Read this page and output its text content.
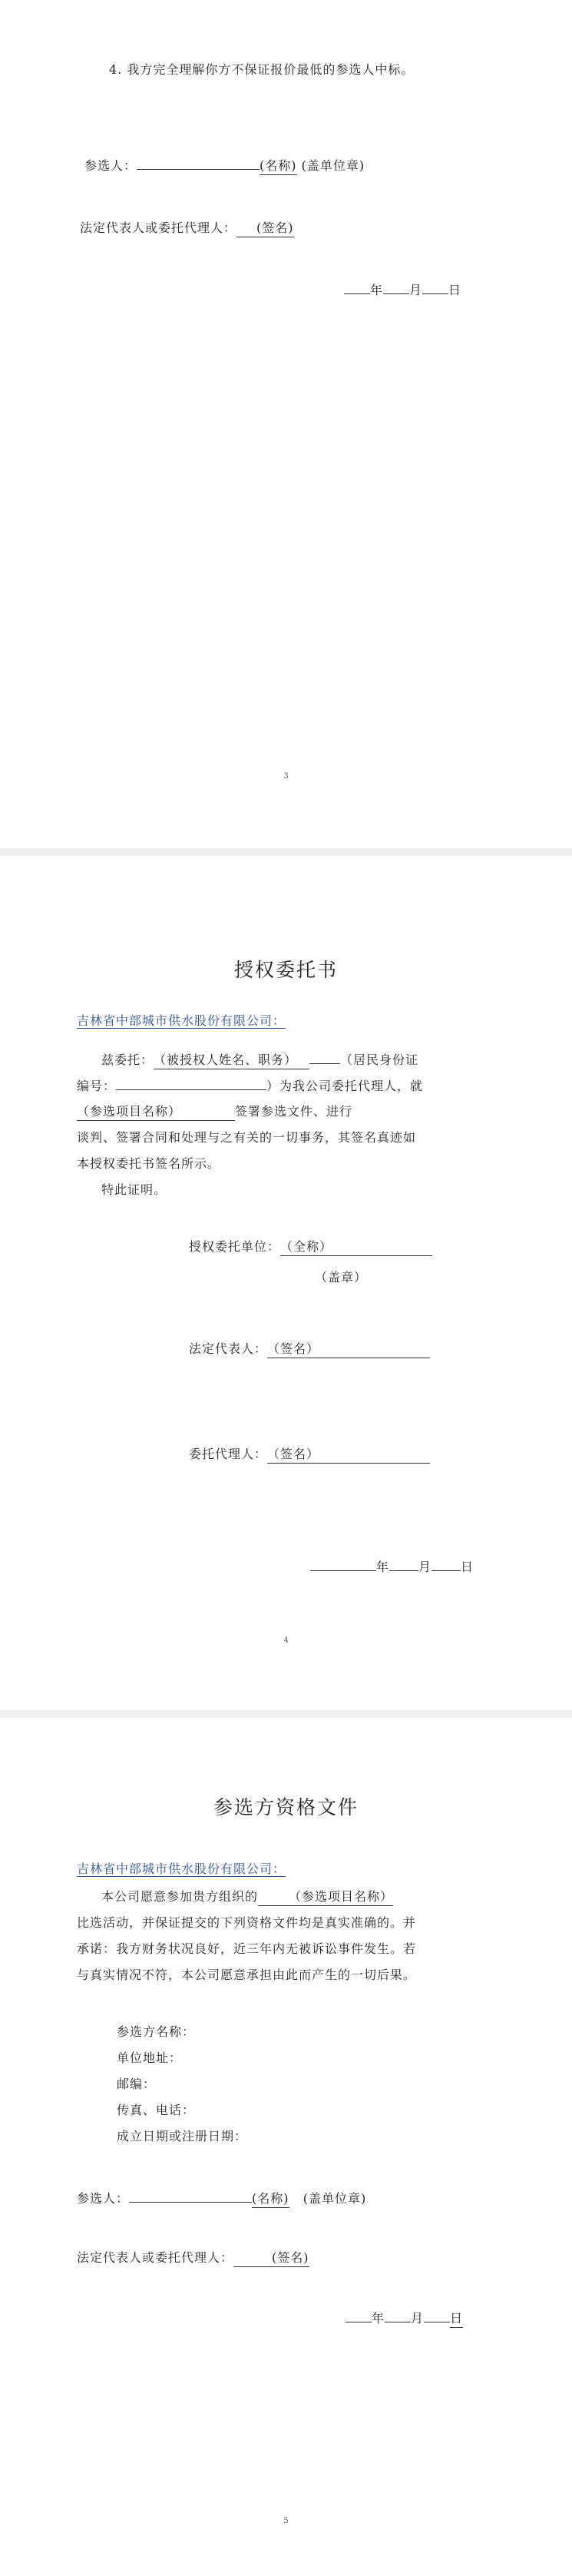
4. 我方完全理解你方不保证报价最低的参选人中标。
参选人：	(名称) (盖单位章)
法定代表人或委托代理人： (签名)
年 月 日
3
授权委托书
吉林省中部城市供水股份有限公司：
兹委托：（被授权人姓名、职务）	（居民身份证
编号：	）为我公司委托代理人，就
（参选项目名称）	签署参选文件、进行
谈判、签署合同和处理与之有关的一切事务，其签名真迹如
本授权委托书签名所示。
特此证明。
授权委托单位：（全称）
（盖章）
法定代表人：（签名）
委托代理人：（签名）
年 月 日
4
参选方资格文件
吉林省中部城市供水股份有限公司：
本公司愿意参加贵方组织的	（参选项目名称）
比选活动，并保证提交的下列资格文件均是真实准确的。并
承诺：我方财务状况良好，近三年内无被诉讼事件发生。若
与真实情况不符，本公司愿意承担由此而产生的一切后果。
参选方名称：
单位地址：
邮编：
传真、电话：
成立日期或注册日期：
参选人：	(名称) (盖单位章)
法定代表人或委托代理人：	(签名)
年 月 日
5
